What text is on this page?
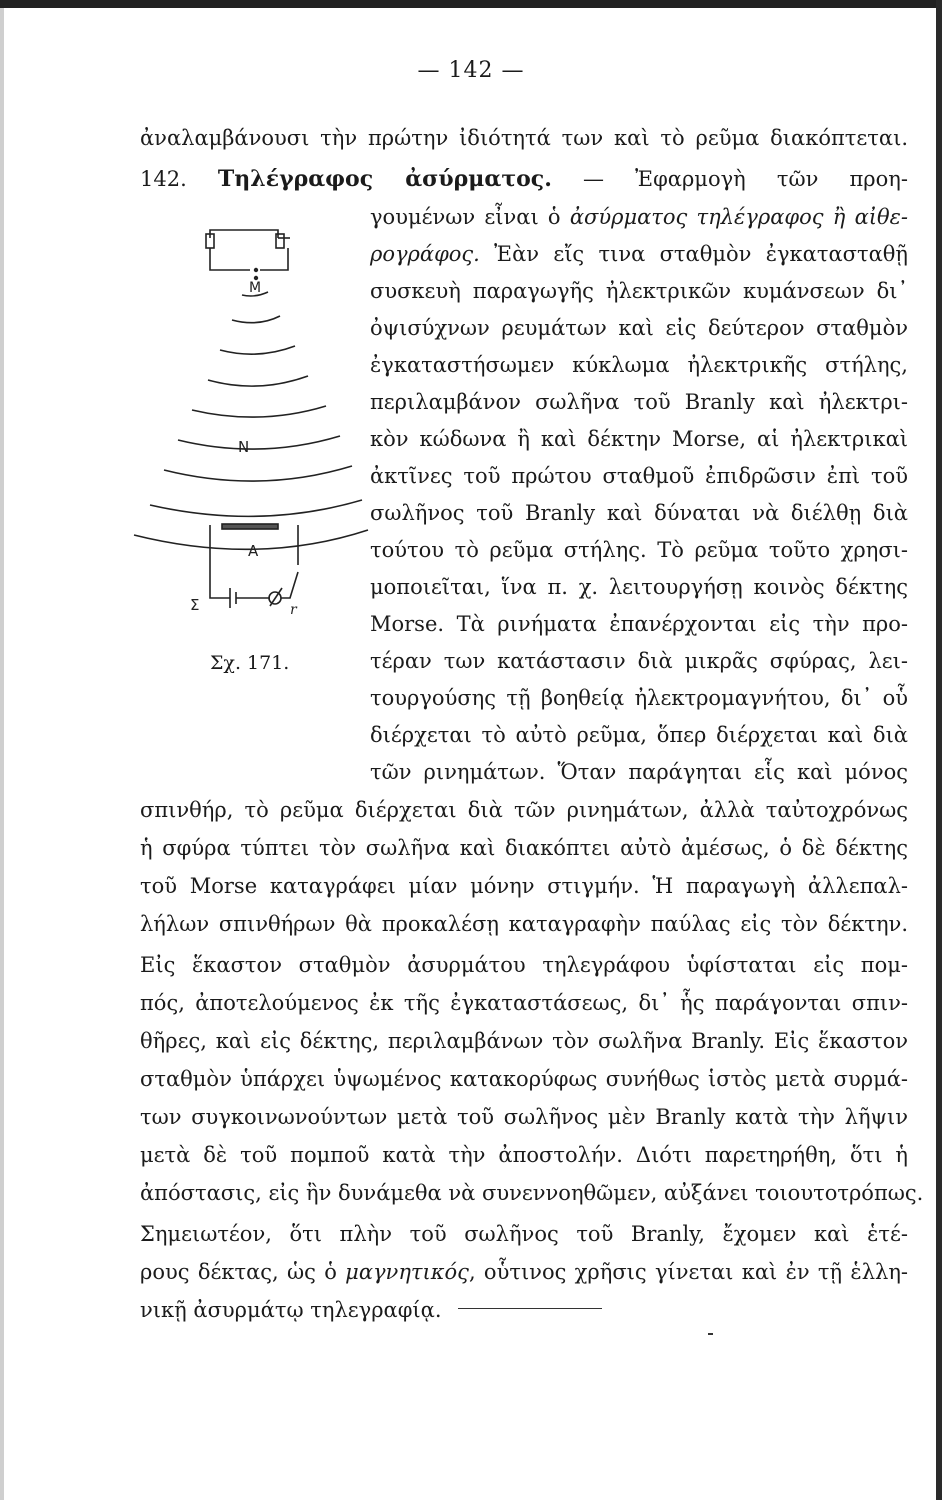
— 142 —
ἀναλαμβάνουσι τὴν πρώτην ἰδιότητά των καὶ τὸ ρεῦμα διακόπτεται.
142. Τηλέγραφος ἀσύρματος. — Ἐφαρμογὴ τῶν προη-
γουμένων εἶναι ὁ ἀσύρματος τηλέγραφος ἢ αἰθε-
ρογράφος. Ἐὰν εἴς τινα σταθμὸν ἐγκατασταθῇ
συσκευὴ παραγωγῆς ἠλεκτρικῶν κυμάνσεων δι᾽
ὀψισύχνων ρευμάτων καὶ εἰς δεύτερον σταθμὸν
ἐγκαταστήσωμεν κύκλωμα ἠλεκτρικῆς στήλης,
περιλαμβάνον σωλῆνα τοῦ Branly καὶ ἠλεκτρι-
κὸν κώδωνα ἢ καὶ δέκτην Morse, αἱ ἠλεκτρικαὶ
ἀκτῖνες τοῦ πρώτου σταθμοῦ ἐπιδρῶσιν ἐπὶ τοῦ
σωλῆνος τοῦ Branly καὶ δύναται νὰ διέλθῃ διὰ
τούτου τὸ ρεῦμα στήλης. Τὸ ρεῦμα τοῦτο χρησι-
μοποιεῖται, ἵνα π. χ. λειτουργήσῃ κοινὸς δέκτης
Morse. Τὰ ρινήματα ἐπανέρχονται εἰς τὴν προ-
τέραν των κατάστασιν διὰ μικρᾶς σφύρας, λει-
τουργούσης τῇ βοηθείᾳ ἠλεκτρομαγνήτου, δι᾽ οὗ
διέρχεται τὸ αὐτὸ ρεῦμα, ὅπερ διέρχεται καὶ διὰ
τῶν ρινημάτων. Ὅταν παράγηται εἷς καὶ μόνος
σπινθήρ, τὸ ρεῦμα διέρχεται διὰ τῶν ρινημάτων, ἀλλὰ ταὐτοχρόνως
ἡ σφύρα τύπτει τὸν σωλῆνα καὶ διακόπτει αὐτὸ ἀμέσως, ὁ δὲ δέκτης
τοῦ Morse καταγράφει μίαν μόνην στιγμήν. Ἡ παραγωγὴ ἀλλεπαλ-
λήλων σπινθήρων θὰ προκαλέσῃ καταγραφὴν παύλας εἰς τὸν δέκτην.
Εἰς ἕκαστον σταθμὸν ἀσυρμάτου τηλεγράφου ὑφίσταται εἰς πομ-
πός, ἀποτελούμενος ἐκ τῆς ἐγκαταστάσεως, δι᾽ ἧς παράγονται σπιν-
θῆρες, καὶ εἰς δέκτης, περιλαμβάνων τὸν σωλῆνα Branly. Εἰς ἕκαστον
σταθμὸν ὑπάρχει ὑψωμένος κατακορύφως συνήθως ἱστὸς μετὰ συρμά-
των συγκοινωνούντων μετὰ τοῦ σωλῆνος μὲν Branly κατὰ τὴν λῆψιν
μετὰ δὲ τοῦ πομποῦ κατὰ τὴν ἀποστολήν. Διότι παρετηρήθη, ὅτι ἡ
ἀπόστασις, εἰς ἣν δυνάμεθα νὰ συνεννοηθῶμεν, αὐξάνει τοιουτοτρόπως.
Σημειωτέον, ὅτι πλὴν τοῦ σωλῆνος τοῦ Branly, ἔχομεν καὶ ἑτέ-
ρους δέκτας, ὡς ὁ μαγνητικός, οὗτινος χρῆσις γίνεται καὶ ἐν τῇ ἑλλη-
νικῇ ἀσυρμάτῳ τηλεγραφίᾳ.
M
N
A
Σ	r
Σχ. 171.
